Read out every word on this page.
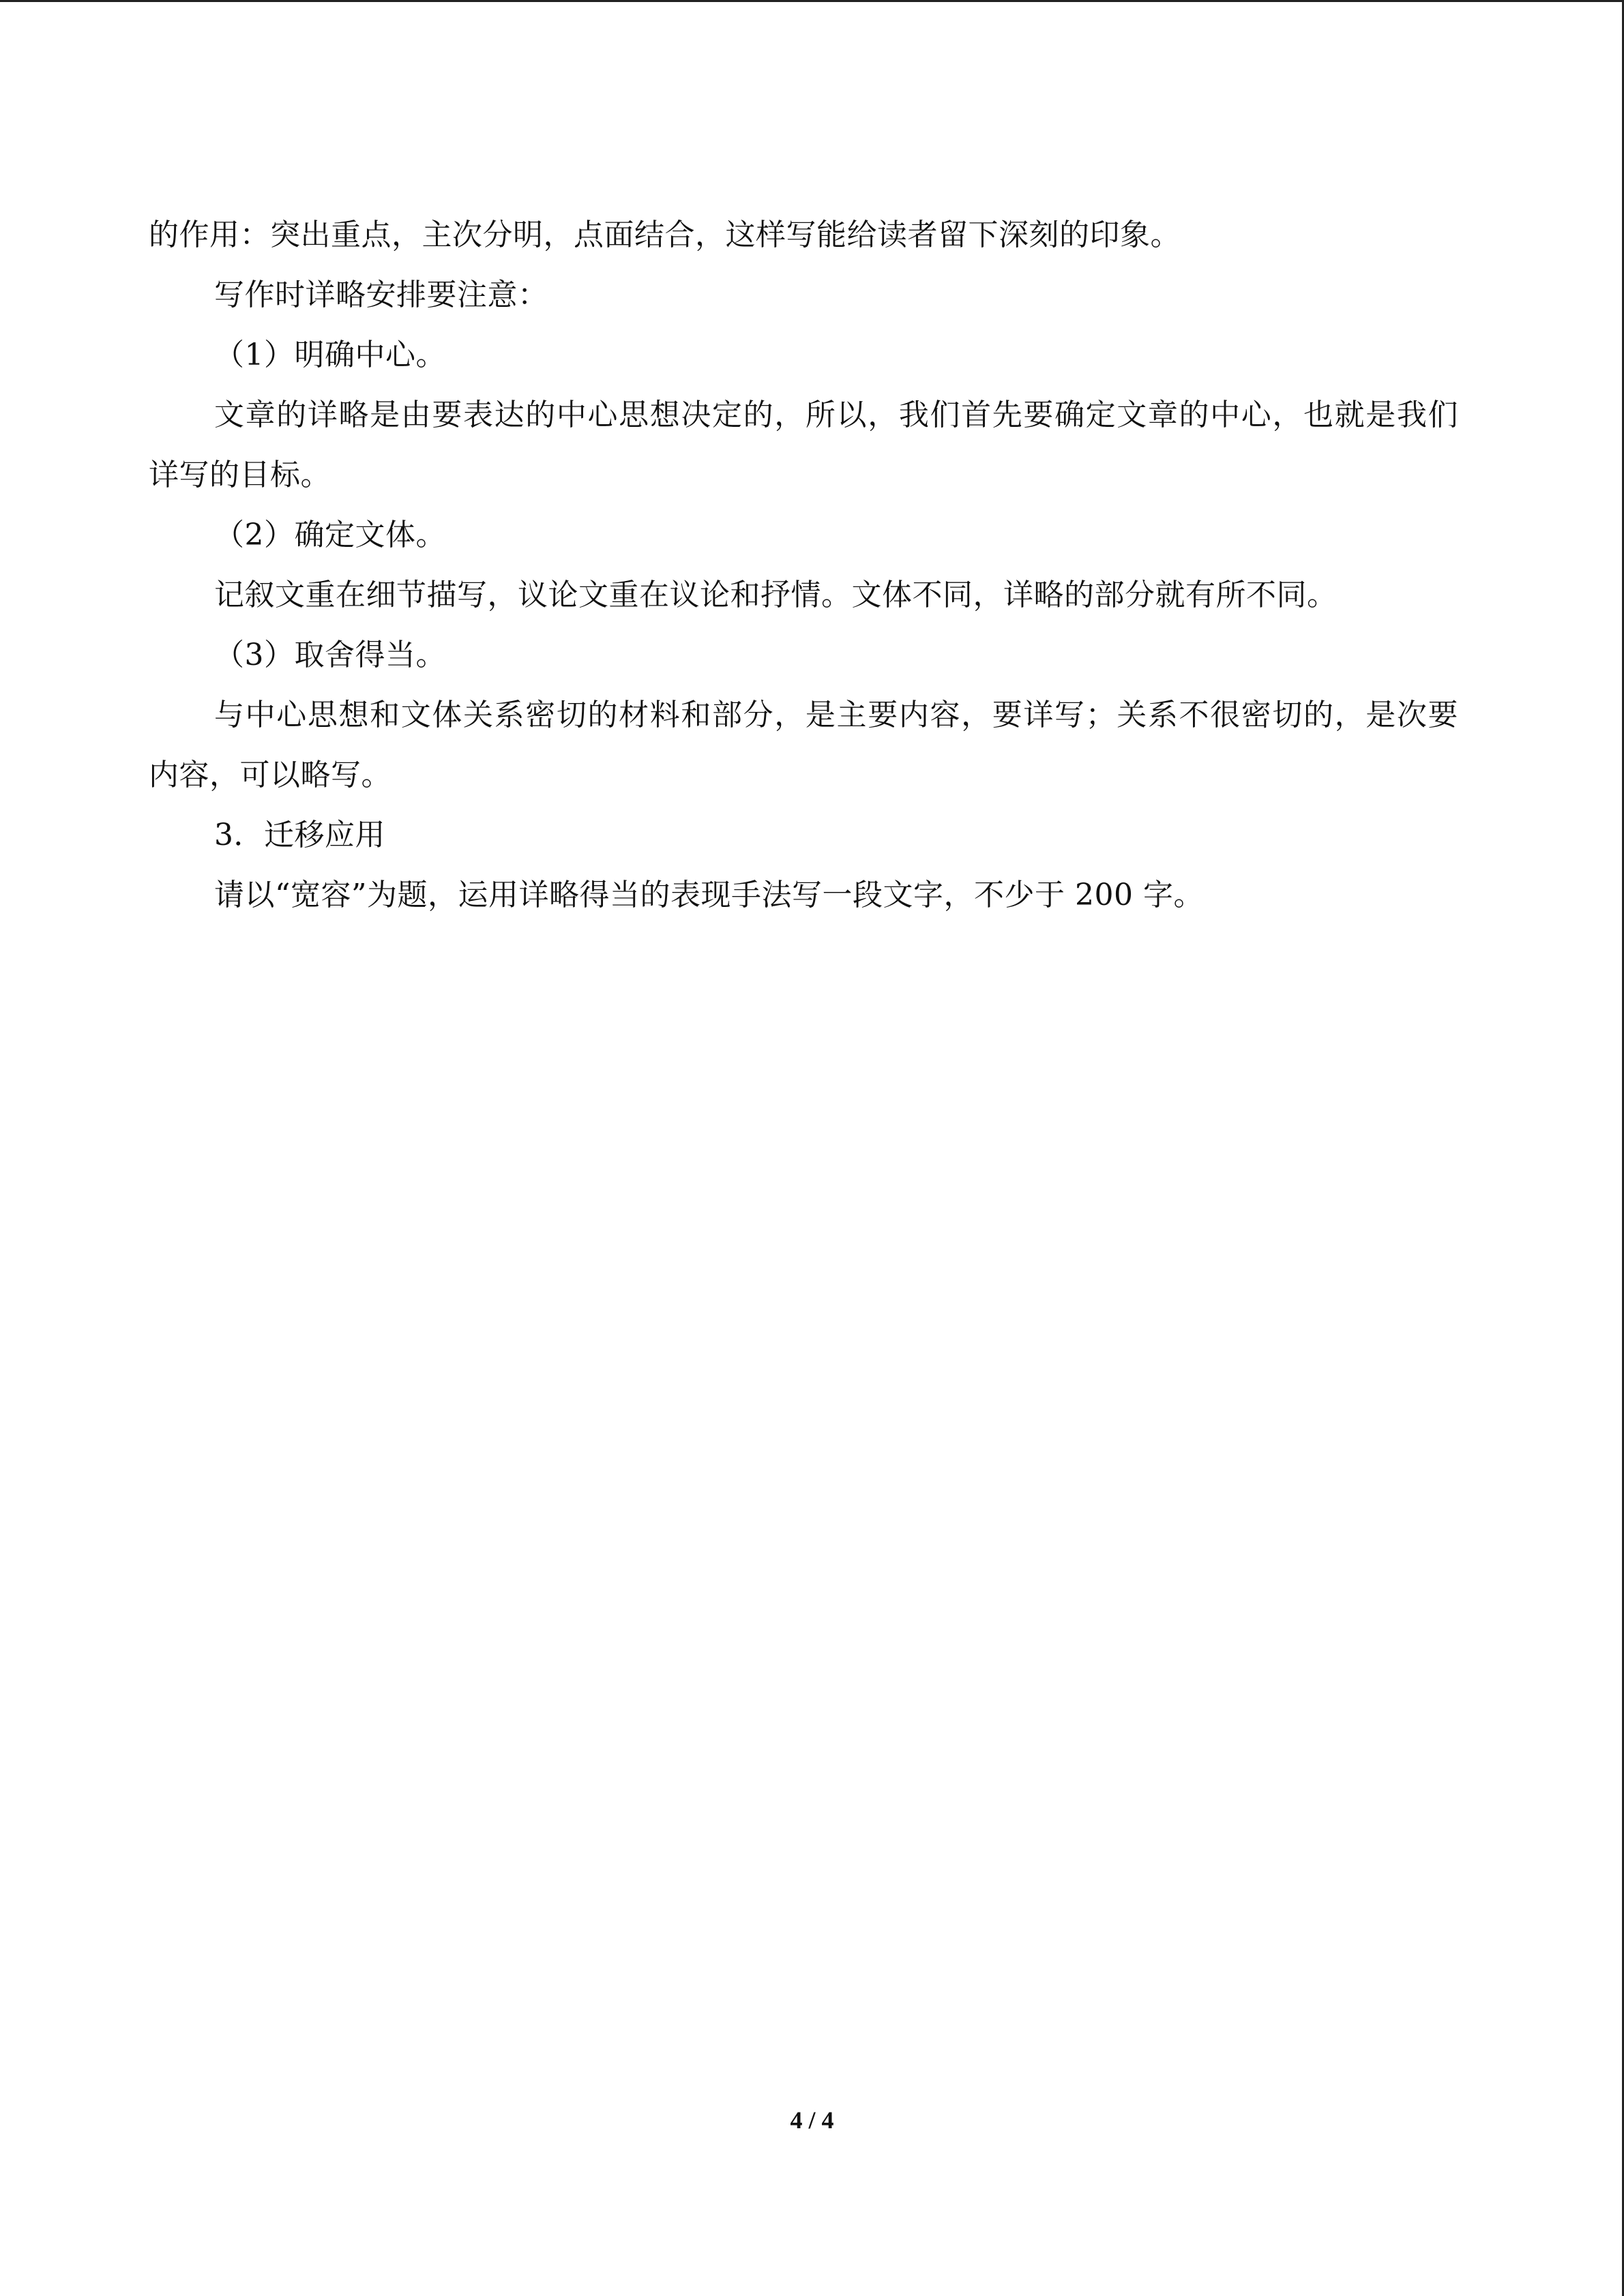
的作用：突出重点，主次分明，点面结合，这样写能给读者留下深刻的印象。

写作时详略安排要注意：

（1）明确中心。

文章的详略是由要表达的中心思想决定的，所以，我们首先要确定文章的中心，也就是我们详写的目标。

（2）确定文体。

记叙文重在细节描写，议论文重在议论和抒情。文体不同，详略的部分就有所不同。

（3）取舍得当。

与中心思想和文体关系密切的材料和部分，是主要内容，要详写；关系不很密切的，是次要内容，可以略写。

3．迁移应用

请以“宽容”为题，运用详略得当的表现手法写一段文字，不少于 200 字。

4 / 4
